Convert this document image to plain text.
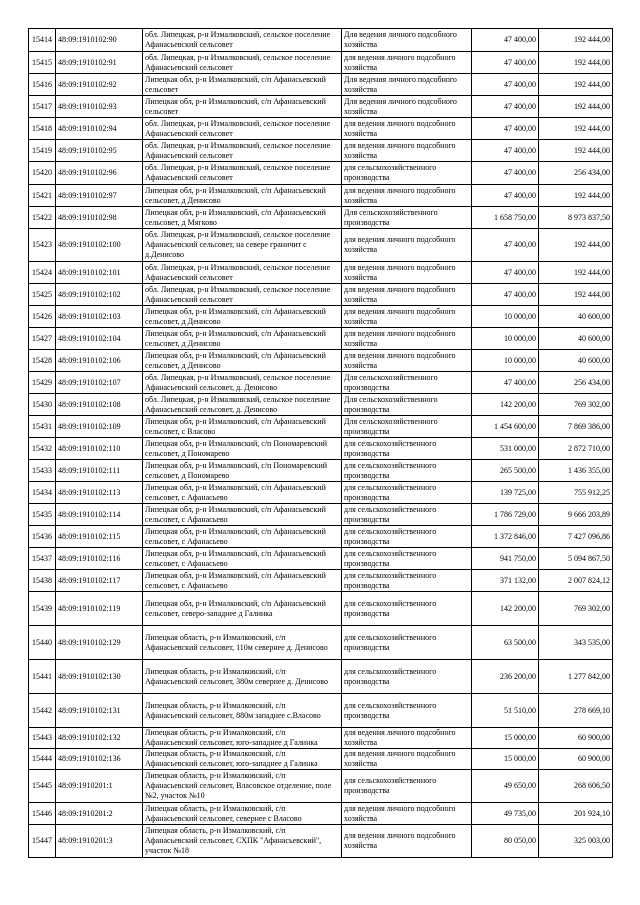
15414	48:09:1910102:90	обл. Липецкая, р-н Измалковский, сельское поселение Афанасьевский сельсовет	Для ведения личного подсобного хозяйства	47 400,00	192 444,00
15415	48:09:1910102:91	обл. Липецкая, р-н Измалковский, сельское поселение Афанасьевский сельсовет	для ведения личного подсобного хозяйства	47 400,00	192 444,00
15416	48:09:1910102:92	Липецкая обл, р-н Измалковский, с/п Афанасьевский сельсовет	Для ведения личного подсобного хозяйства	47 400,00	192 444,00
15417	48:09:1910102:93	Липецкая обл, р-н Измалковский, с/п Афанасьевский сельсовет	Для ведения личного подсобного хозяйства	47 400,00	192 444,00
15418	48:09:1910102:94	обл. Липецкая, р-н Измалковский, сельское поселение Афанасьевский сельсовет	для ведения личного подсобного хозяйства	47 400,00	192 444,00
15419	48:09:1910102:95	обл. Липецкая, р-н Измалковский, сельское поселение Афанасьевский сельсовет	для ведения личного подсобного хозяйства	47 400,00	192 444,00
15420	48:09:1910102:96	обл. Липецкая, р-н Измалковский, сельское поселение Афанасьевский сельсовет	для сельскохозяйственного производства	47 400,00	256 434,00
15421	48:09:1910102:97	Липецкая обл, р-н Измалковский, с/п Афанасьевский сельсовет, д Денисово	для ведения личного подсобного хозяйства	47 400,00	192 444,00
15422	48:09:1910102:98	Липецкая обл, р-н Измалковский, с/п Афанасьевский сельсовет, д Мягково	Для сельскохозяйственного производства	1 658 750,00	8 973 837,50
15423	48:09:1910102:100	обл. Липецкая, р-н Измалковский, сельское поселение Афанасьевский сельсовет, на севере граничит с д.Денисово	для ведения личного подсобного хозяйства	47 400,00	192 444,00
15424	48:09:1910102:101	обл. Липецкая, р-н Измалковский, сельское поселение Афанасьевский сельсовет	для ведения личного подсобного хозяйства	47 400,00	192 444,00
15425	48:09:1910102:102	обл. Липецкая, р-н Измалковский, сельское поселение Афанасьевский сельсовет	для ведения личного подсобного хозяйства	47 400,00	192 444,00
15426	48:09:1910102:103	Липецкая обл, р-н Измалковский, с/п Афанасьевский сельсовет, д Денисово	для ведения личного подсобного хозяйства	10 000,00	40 600,00
15427	48:09:1910102:104	Липецкая обл, р-н Измалковский, с/п Афанасьевский сельсовет, д Денисово	для ведения личного подсобного хозяйства	10 000,00	40 600,00
15428	48:09:1910102:106	Липецкая обл, р-н Измалковский, с/п Афанасьевский сельсовет, д Денисово	для ведения личного подсобного хозяйства	10 000,00	40 600,00
15429	48:09:1910102:107	обл. Липецкая, р-н Измалковский, сельское поселение Афанасьевский сельсовет, д. Денисово	Для сельскохозяйственного производства	47 400,00	256 434,00
15430	48:09:1910102:108	обл. Липецкая, р-н Измалковский, сельское поселение Афанасьевский сельсовет, д. Денисово	Для сельскохозяйственного производства	142 200,00	769 302,00
15431	48:09:1910102:109	Липецкая обл, р-н Измалковский, с/п Афанасьевский сельсовет, с Власово	Для сельскохозяйственного производства	1 454 600,00	7 869 386,00
15432	48:09:1910102:110	Липецкая обл, р-н Измалковский, с/п Пономаревский сельсовет, д Пономарево	для сельскохозяйственного производства	531 000,00	2 872 710,00
15433	48:09:1910102:111	Липецкая обл, р-н Измалковский, с/п Пономаревский сельсовет, д Пономарево	для сельскохозяйственного производства	265 500,00	1 436 355,00
15434	48:09:1910102:113	Липецкая обл, р-н Измалковский, с/п Афанасьевский сельсовет, с Афанасьево	для сельскохозяйственного производства	139 725,00	755 912,25
15435	48:09:1910102:114	Липецкая обл, р-н Измалковский, с/п Афанасьевский сельсовет, с Афанасьево	для сельскохозяйственного производства	1 786 729,00	9 666 203,89
15436	48:09:1910102:115	Липецкая обл, р-н Измалковский, с/п Афанасьевский сельсовет, с Афанасьево	для сельскохозяйственного производства	1 372 846,00	7 427 096,86
15437	48:09:1910102:116	Липецкая обл, р-н Измалковский, с/п Афанасьевский сельсовет, с Афанасьево	для сельскохозяйственного производства	941 750,00	5 094 867,50
15438	48:09:1910102:117	Липецкая обл, р-н Измалковский, с/п Афанасьевский сельсовет, с Афанасьево	для сельскохозяйственного производства	371 132,00	2 007 824,12
15439	48:09:1910102:119	Липецкая обл, р-н Измалковский, с/п Афанасьевский сельсовет, северо-западнее д Галинка	для сельскохозяйственного производства	142 200,00	769 302,00
15440	48:09:1910102:129	Липецкая область, р-н Измалковский, с/п Афанасьевский сельсовет, 110м севернее д. Денисово	для сельскохозяйственного производства	63 500,00	343 535,00
15441	48:09:1910102:130	Липецкая область, р-н Измалковский, с/п Афанасьевский сельсовет, 380м севернее д. Денисово	для сельскохозяйственного производства	236 200,00	1 277 842,00
15442	48:09:1910102:131	Липецкая область, р-н Измалковский, с/п Афанасьевский сельсовет, 880м западнее с.Власово	для сельскохозяйственного производства	51 510,00	278 669,10
15443	48:09:1910102:132	Липецкая область, р-н Измалковский, с/п Афанасьевский сельсовет, юго-западнее д Галинка	для ведения личного подсобного хозяйства	15 000,00	60 900,00
15444	48:09:1910102:136	Липецкая область, р-н Измалковский, с/п Афанасьевский сельсовет, юго-западнее д Галинка	для ведения личного подсобного хозяйства	15 000,00	60 900,00
15445	48:09:1910201:1	Липецкая область, р-н Измалковский, с/п Афанасьевский сельсовет, Власовское отделение, поле №2, участок №10	для сельскохозяйственного производства	49 650,00	268 606,50
15446	48:09:1910201:2	Липецкая область, р-н Измалковский, с/п Афанасьевский сельсовет, севернее с Власово	для ведения личного подсобного хозяйства	49 735,00	201 924,10
15447	48:09:1910201:3	Липецкая область, р-н Измалковский, с/п Афанасьевский сельсовет, СХПК "Афанасьевский", участок №18	для ведения личного подсобного хозяйства	80 050,00	325 003,00
